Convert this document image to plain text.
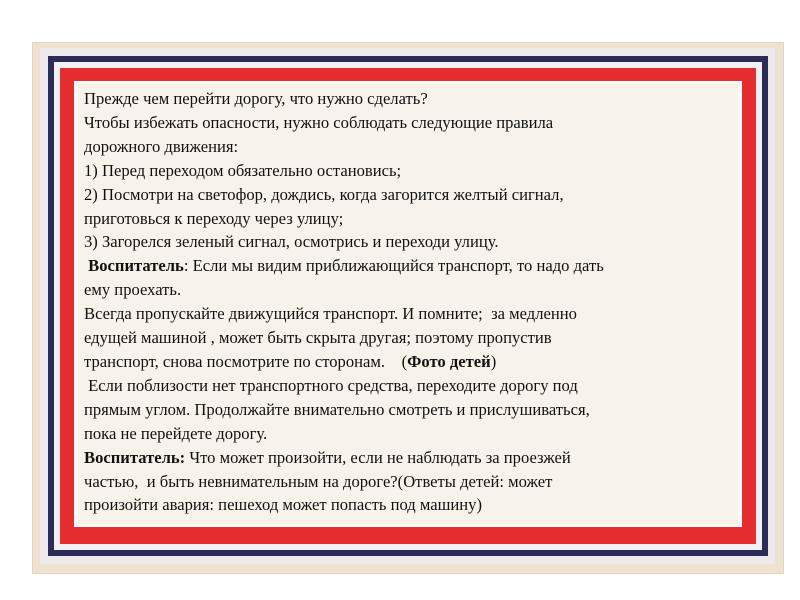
Прежде чем перейти дорогу, что нужно сделать?
Чтобы избежать опасности, нужно соблюдать следующие правила
дорожного движения:
1) Перед переходом обязательно остановись;
2) Посмотри на светофор, дождись, когда загорится желтый сигнал,
приготовься к переходу через улицу;
3) Загорелся зеленый сигнал, осмотрись и переходи улицу.
Воспитатель: Если мы видим приближающийся транспорт, то надо дать
ему проехать.
Всегда пропускайте движущийся транспорт. И помните;  за медленно
едущей машиной , может быть скрыта другая; поэтому пропустив
транспорт, снова посмотрите по сторонам.    (Фото детей)
Если поблизости нет транспортного средства, переходите дорогу под
прямым углом. Продолжайте внимательно смотреть и прислушиваться,
пока не перейдете дорогу.
Воспитатель: Что может произойти, если не наблюдать за проезжей
частью,  и быть невнимательным на дороге?(Ответы детей: может
произойти авария: пешеход может попасть под машину)
